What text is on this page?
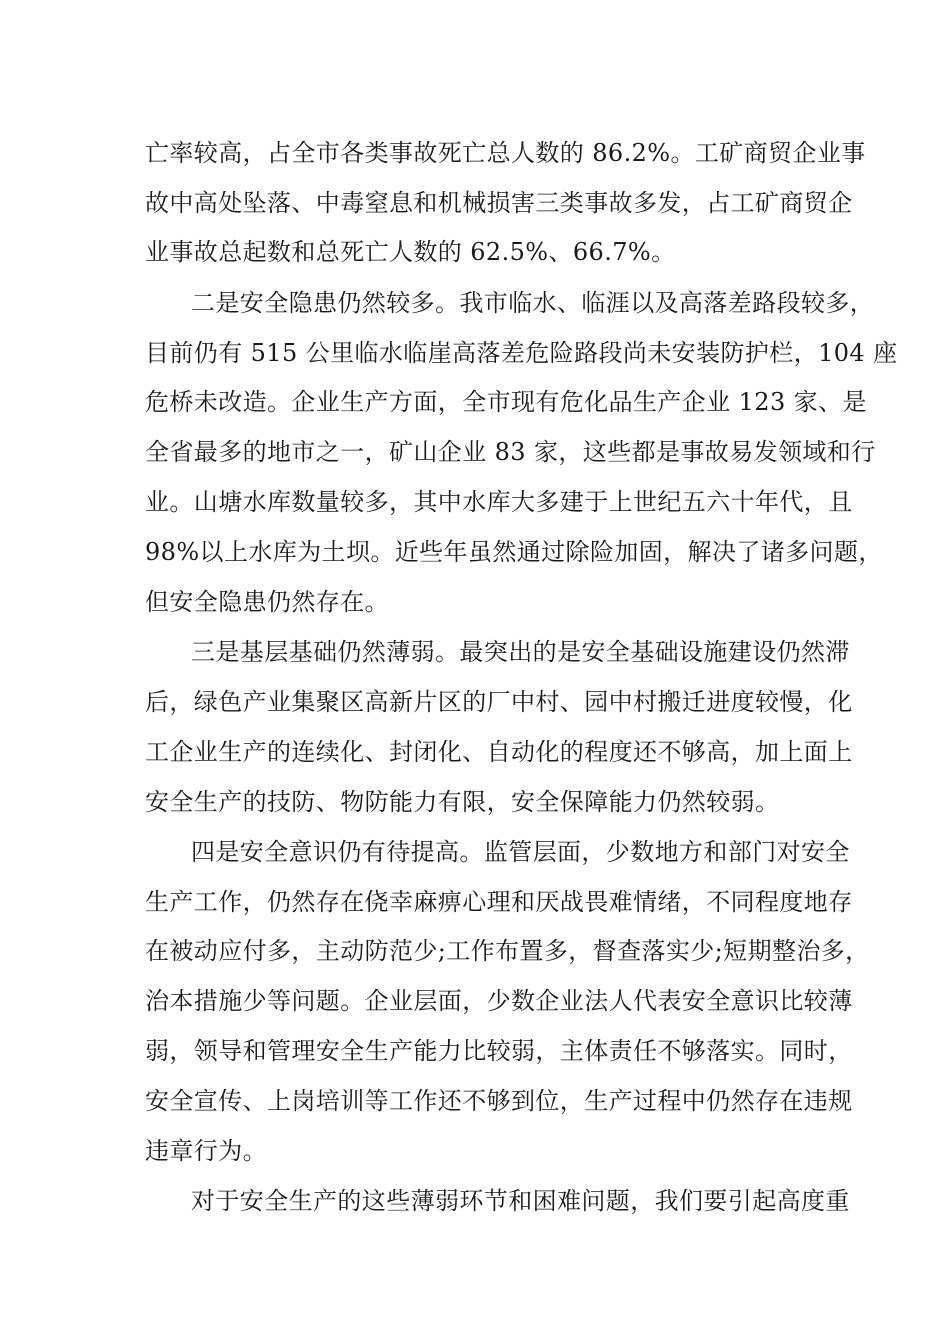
亡率较高，占全市各类事故死亡总人数的 86.2%。工矿商贸企业事
故中高处坠落、中毒窒息和机械损害三类事故多发，占工矿商贸企
业事故总起数和总死亡人数的 62.5%、66.7%。
二是安全隐患仍然较多。我市临水、临涯以及高落差路段较多，
目前仍有 515 公里临水临崖高落差危险路段尚未安装防护栏，104 座
危桥未改造。企业生产方面，全市现有危化品生产企业 123 家、是
全省最多的地市之一，矿山企业 83 家，这些都是事故易发领域和行
业。山塘水库数量较多，其中水库大多建于上世纪五六十年代，且
98%以上水库为土坝。近些年虽然通过除险加固，解决了诸多问题，
但安全隐患仍然存在。
三是基层基础仍然薄弱。最突出的是安全基础设施建设仍然滞
后，绿色产业集聚区高新片区的厂中村、园中村搬迁进度较慢，化
工企业生产的连续化、封闭化、自动化的程度还不够高，加上面上
安全生产的技防、物防能力有限，安全保障能力仍然较弱。
四是安全意识仍有待提高。监管层面，少数地方和部门对安全
生产工作，仍然存在侥幸麻痹心理和厌战畏难情绪，不同程度地存
在被动应付多，主动防范少;工作布置多，督查落实少;短期整治多，
治本措施少等问题。企业层面，少数企业法人代表安全意识比较薄
弱，领导和管理安全生产能力比较弱，主体责任不够落实。同时，
安全宣传、上岗培训等工作还不够到位，生产过程中仍然存在违规
违章行为。
对于安全生产的这些薄弱环节和困难问题，我们要引起高度重
